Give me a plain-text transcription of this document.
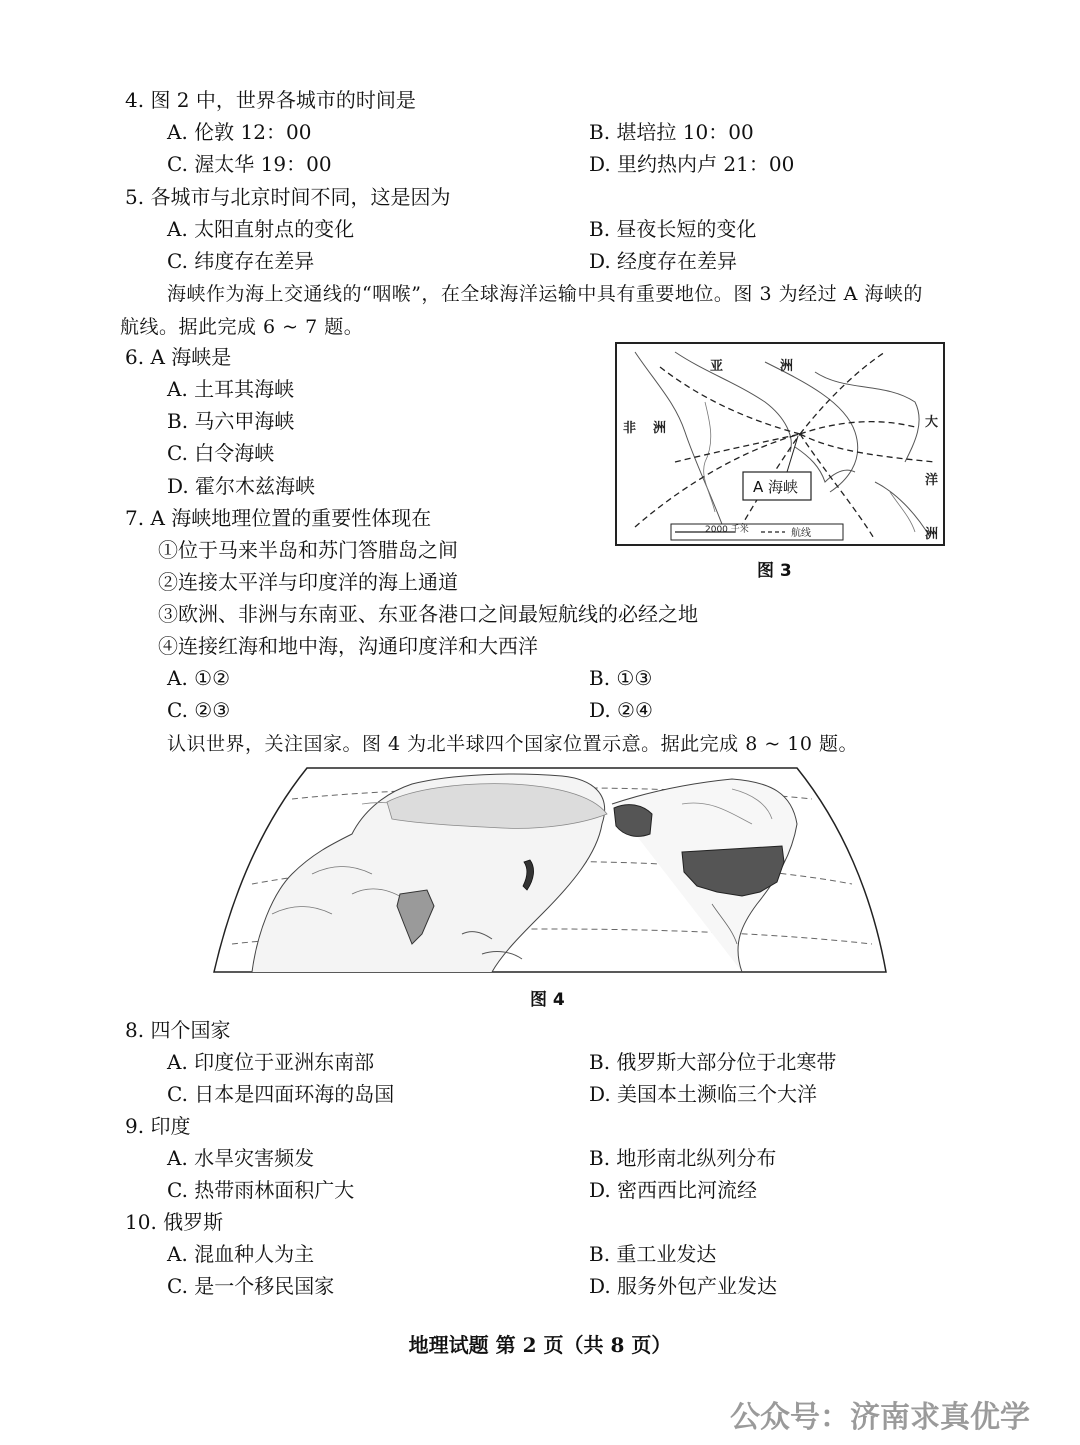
4. 图 2 中，世界各城市的时间是
A. 伦敦 12：00	B. 堪培拉 10：00
C. 渥太华 19：00	D. 里约热内卢 21：00
5. 各城市与北京时间不同，这是因为
A. 太阳直射点的变化	B. 昼夜长短的变化
C. 纬度存在差异	D. 经度存在差异
海峡作为海上交通线的“咽喉”，在全球海洋运输中具有重要地位。图 3 为经过 A 海峡的
航线。据此完成 6 ~ 7 题。
6. A 海峡是
A. 土耳其海峡
B. 马六甲海峡
C. 白令海峡
D. 霍尔木兹海峡
亚	洲
非 洲	大
洋
洲
A 海峡
2000 千米	航线
图 3
7. A 海峡地理位置的重要性体现在
①位于马来半岛和苏门答腊岛之间
②连接太平洋与印度洋的海上通道
③欧洲、非洲与东南亚、东亚各港口之间最短航线的必经之地
④连接红海和地中海，沟通印度洋和大西洋
A. ①②	B. ①③
C. ②③	D. ②④
认识世界，关注国家。图 4 为北半球四个国家位置示意。据此完成 8 ~ 10 题。
图 4
8. 四个国家
A. 印度位于亚洲东南部	B. 俄罗斯大部分位于北寒带
C. 日本是四面环海的岛国	D. 美国本土濒临三个大洋
9. 印度
A. 水旱灾害频发	B. 地形南北纵列分布
C. 热带雨林面积广大	D. 密西西比河流经
10. 俄罗斯
A. 混血种人为主	B. 重工业发达
C. 是一个移民国家	D. 服务外包产业发达
地理试题 第 2 页（共 8 页）
公众号：济南求真优学
